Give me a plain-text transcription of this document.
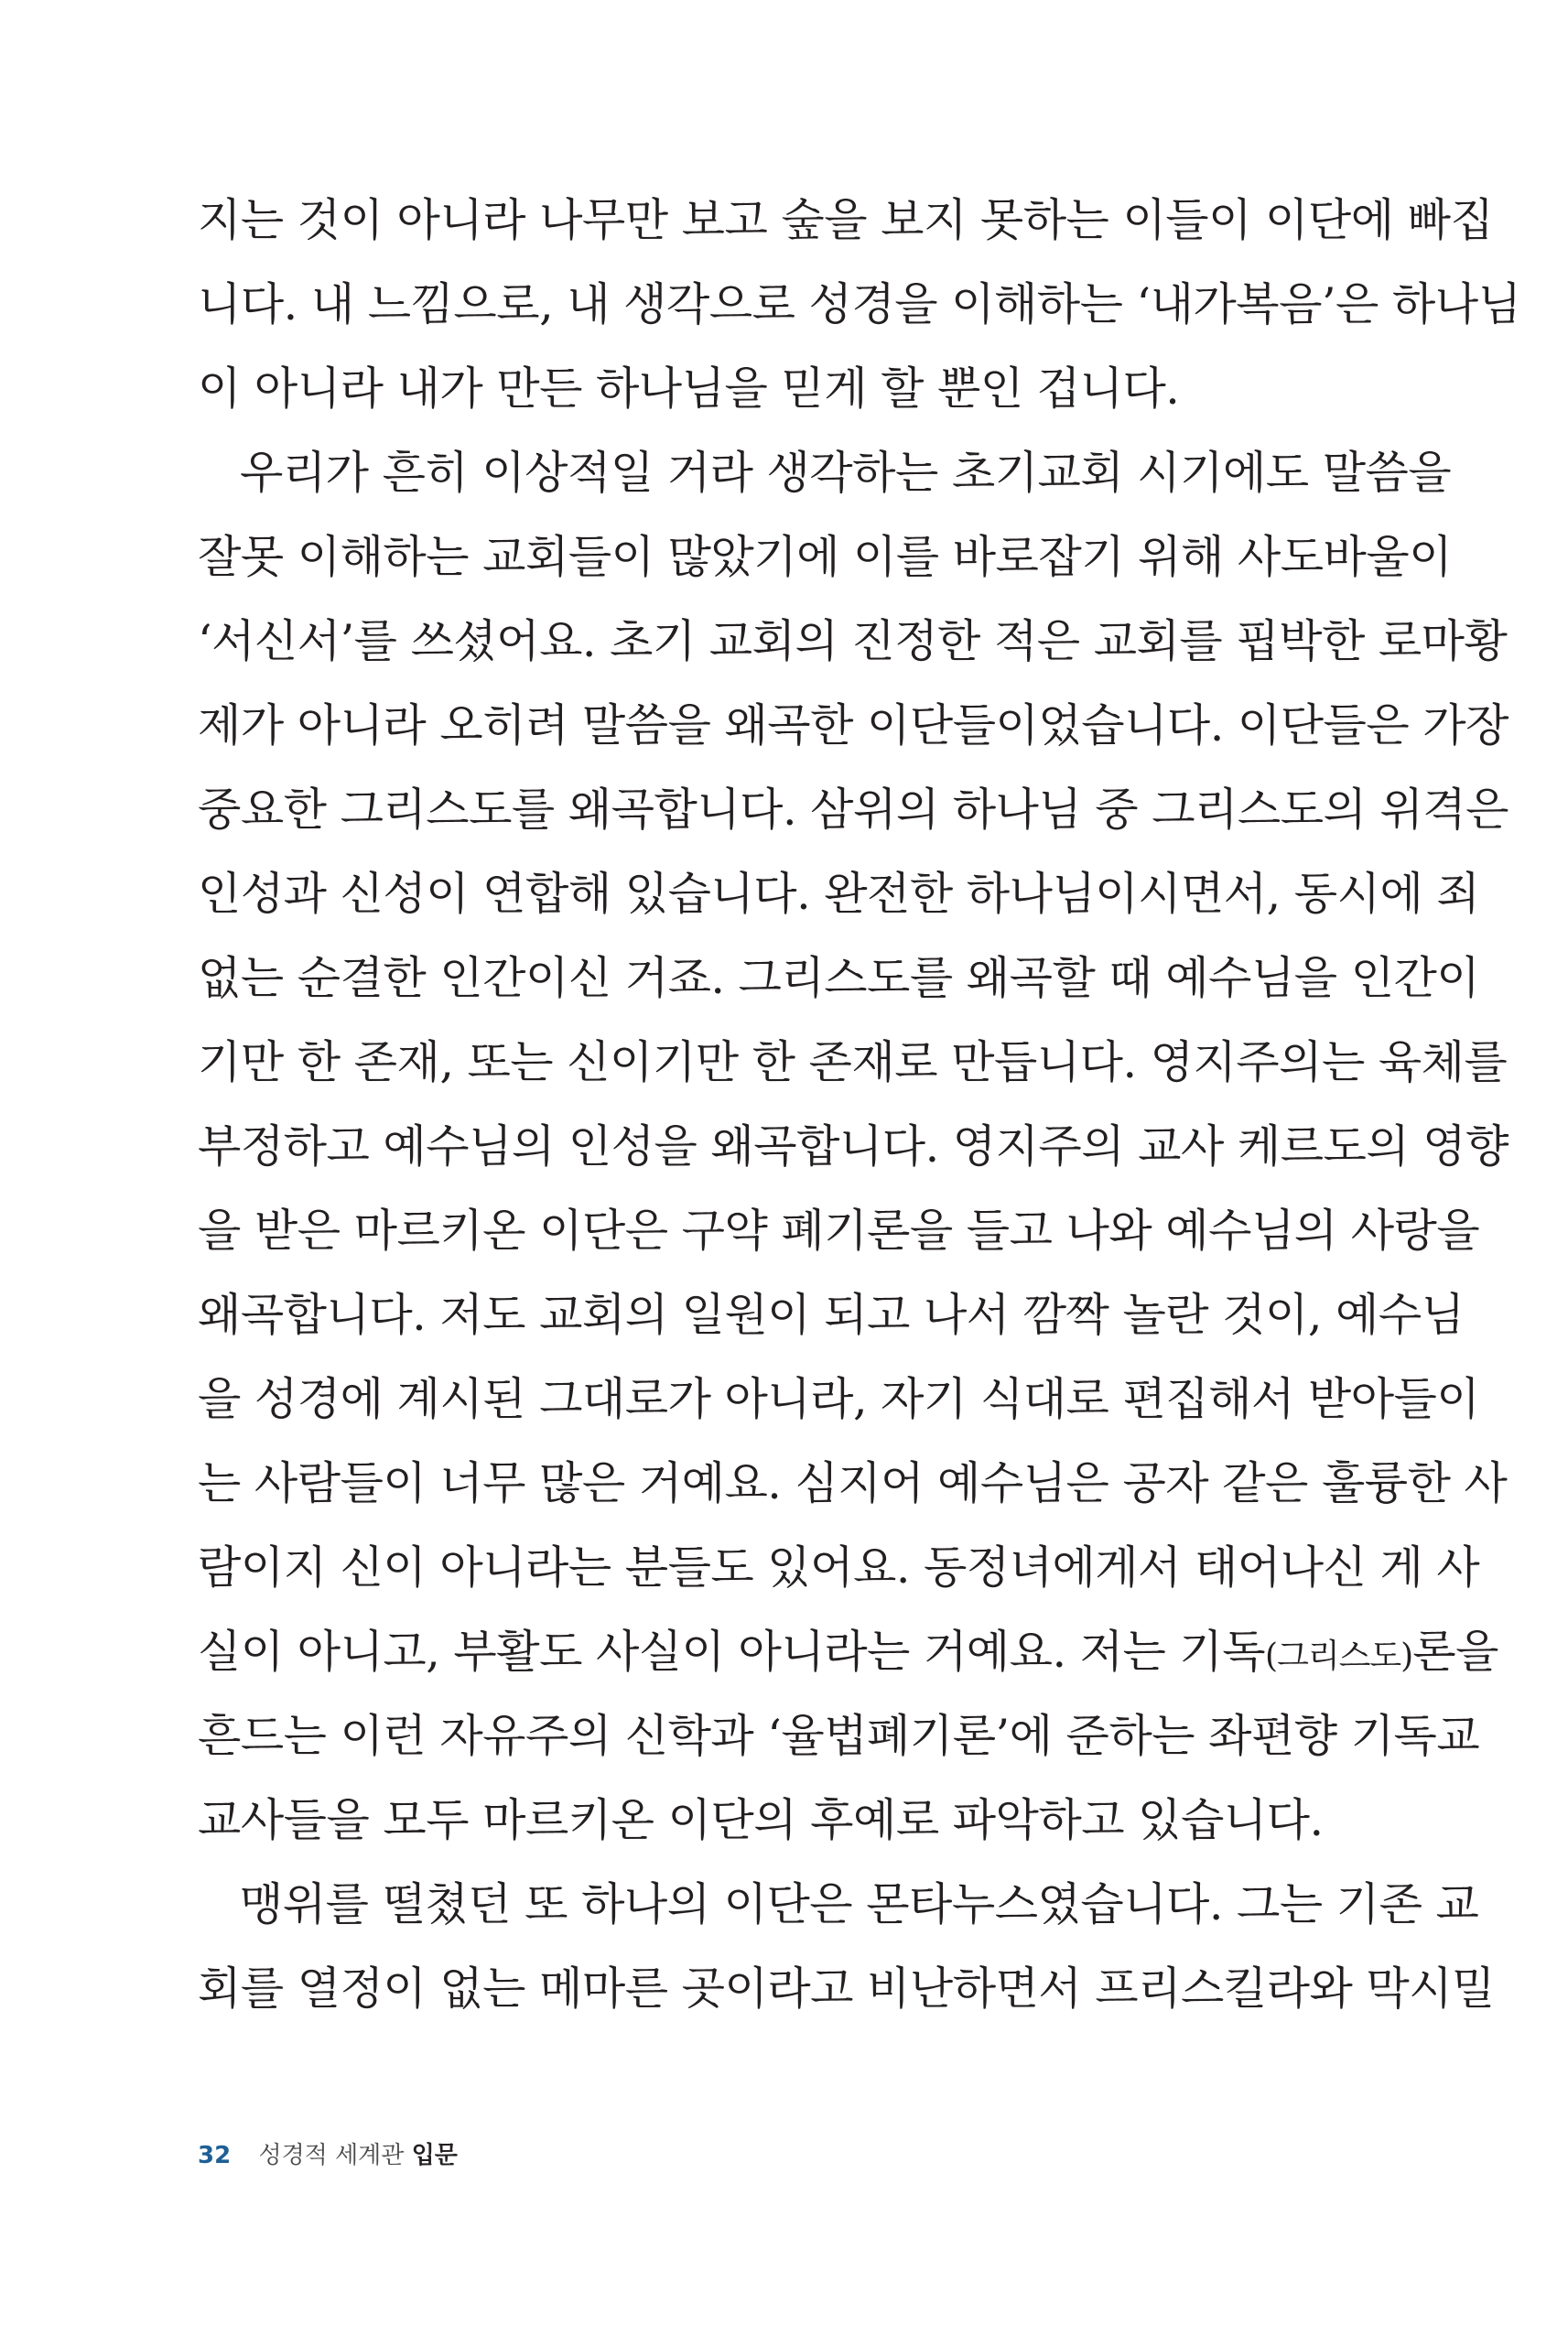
지는 것이 아니라 나무만 보고 숲을 보지 못하는 이들이 이단에 빠집
니다. 내 느낌으로, 내 생각으로 성경을 이해하는 ‘내가복음’은 하나님
이 아니라 내가 만든 하나님을 믿게 할 뿐인 겁니다.
우리가 흔히 이상적일 거라 생각하는 초기교회 시기에도 말씀을
잘못 이해하는 교회들이 많았기에 이를 바로잡기 위해 사도바울이
‘서신서’를 쓰셨어요. 초기 교회의 진정한 적은 교회를 핍박한 로마황
제가 아니라 오히려 말씀을 왜곡한 이단들이었습니다. 이단들은 가장
중요한 그리스도를 왜곡합니다. 삼위의 하나님 중 그리스도의 위격은
인성과 신성이 연합해 있습니다. 완전한 하나님이시면서, 동시에 죄
없는 순결한 인간이신 거죠. 그리스도를 왜곡할 때 예수님을 인간이
기만 한 존재, 또는 신이기만 한 존재로 만듭니다. 영지주의는 육체를
부정하고 예수님의 인성을 왜곡합니다. 영지주의 교사 케르도의 영향
을 받은 마르키온 이단은 구약 폐기론을 들고 나와 예수님의 사랑을
왜곡합니다. 저도 교회의 일원이 되고 나서 깜짝 놀란 것이, 예수님
을 성경에 계시된 그대로가 아니라, 자기 식대로 편집해서 받아들이
는 사람들이 너무 많은 거예요. 심지어 예수님은 공자 같은 훌륭한 사
람이지 신이 아니라는 분들도 있어요. 동정녀에게서 태어나신 게 사
실이 아니고, 부활도 사실이 아니라는 거예요. 저는 기독(그리스도)론을
흔드는 이런 자유주의 신학과 ‘율법폐기론’에 준하는 좌편향 기독교
교사들을 모두 마르키온 이단의 후예로 파악하고 있습니다.
맹위를 떨쳤던 또 하나의 이단은 몬타누스였습니다. 그는 기존 교
회를 열정이 없는 메마른 곳이라고 비난하면서 프리스킬라와 막시밀
32 성경적 세계관 입문
